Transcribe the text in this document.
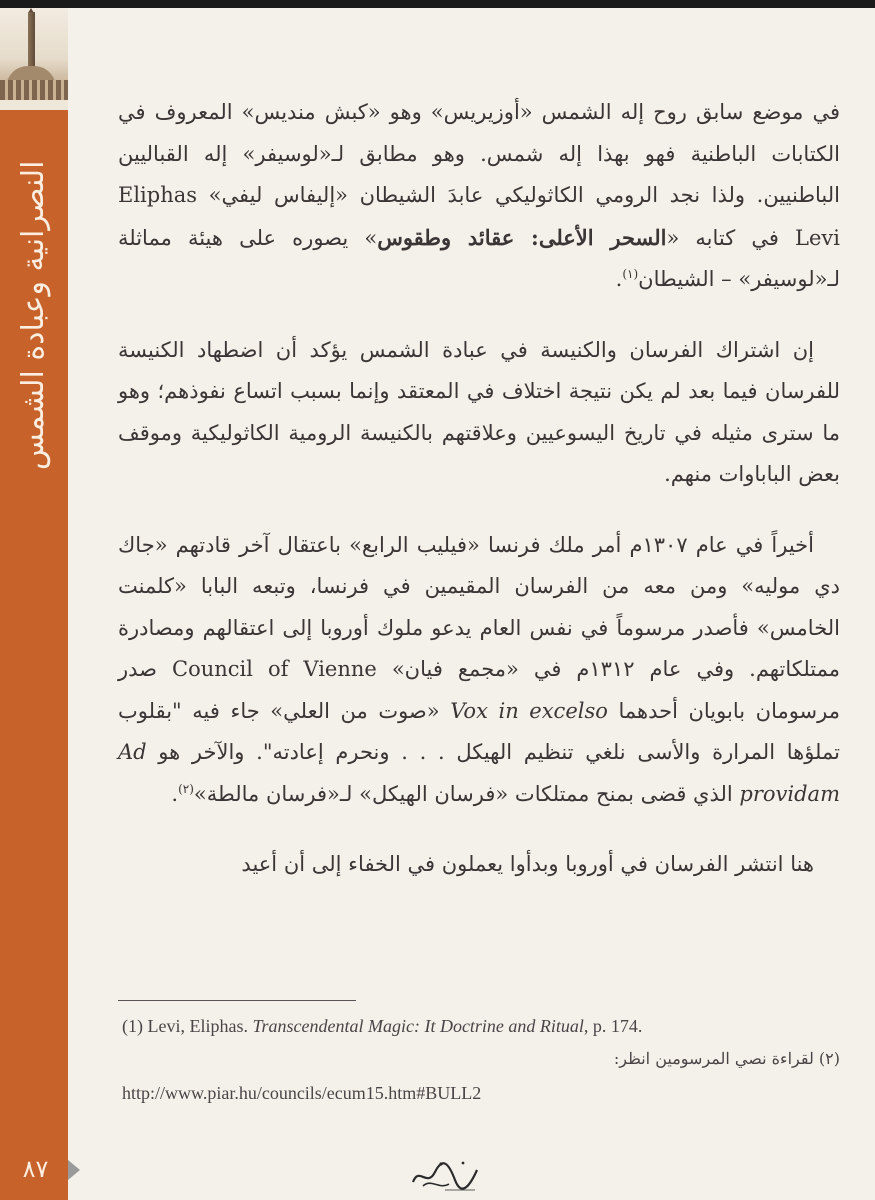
النصرانية وعبادة الشمس
٨٧

في موضع سابق روح إله الشمس «أوزيريس» وهو «كبش منديس» المعروف في الكتابات الباطنية فهو بهذا إله شمس. وهو مطابق لـ«لوسيفر» إله القباليين الباطنيين. ولذا نجد الرومي الكاثوليكي عابدَ الشيطان «إليفاس ليفي» Eliphas Levi في كتابه «السحر الأعلى: عقائد وطقوس» يصوره على هيئة مماثلة لـ«لوسيفر» – الشيطان$^{(١)}$.

إن اشتراك الفرسان والكنيسة في عبادة الشمس يؤكد أن اضطهاد الكنيسة للفرسان فيما بعد لم يكن نتيجة اختلاف في المعتقد وإنما بسبب اتساع نفوذهم؛ وهو ما سترى مثيله في تاريخ اليسوعيين وعلاقتهم بالكنيسة الرومية الكاثوليكية وموقف بعض الباباوات منهم.

أخيراً في عام ١٣٠٧م أمر ملك فرنسا «فيليب الرابع» باعتقال آخر قادتهم «جاك دي موليه» ومن معه من الفرسان المقيمين في فرنسا، وتبعه البابا «كلمنت الخامس» فأصدر مرسوماً في نفس العام يدعو ملوك أوروبا إلى اعتقالهم ومصادرة ممتلكاتهم. وفي عام ١٣١٢م في «مجمع فيان» Council of Vienne صدر مرسومان بابويان أحدهما Vox in excelso «صوت من العلي» جاء فيه "بقلوب تملؤها المرارة والأسى نلغي تنظيم الهيكل . . . ونحرم إعادته". والآخر هو Ad providam الذي قضى بمنح ممتلكات «فرسان الهيكل» لـ«فرسان مالطة»$^{(٢)}$.

هنا انتشر الفرسان في أوروبا وبدأوا يعملون في الخفاء إلى أن أعيد

(1) Levi, Eliphas. Transcendental Magic: It Doctrine and Ritual, p. 174.
(٢) لقراءة نصي المرسومين انظر:
http://www.piar.hu/councils/ecum15.htm#BULL2
